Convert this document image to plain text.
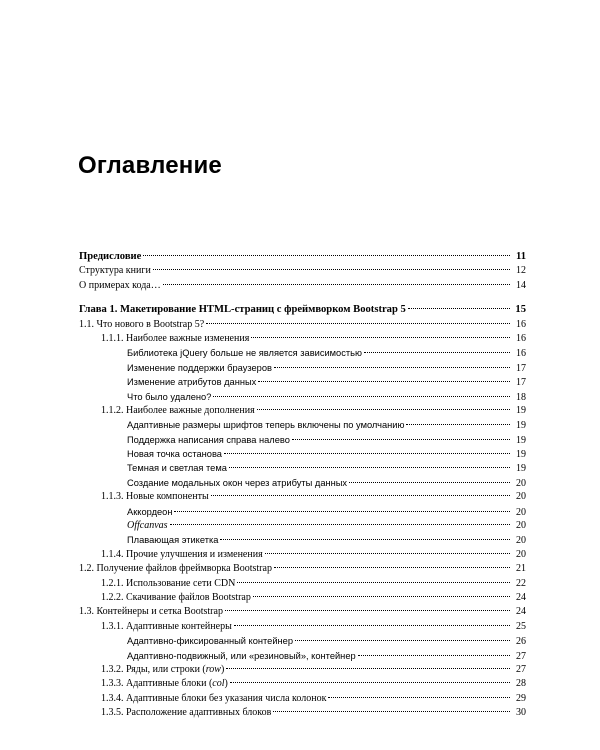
Оглавление
Предисловие	11
Структура книги	12
О примерах кода…	14
Глава 1. Макетирование HTML-страниц с фреймворком Bootstrap 5	15
1.1. Что нового в Bootstrap 5?	16
1.1.1. Наиболее важные изменения	16
Библиотека jQuery больше не является зависимостью	16
Изменение поддержки браузеров	17
Изменение атрибутов данных	17
Что было удалено?	18
1.1.2. Наиболее важные дополнения	19
Адаптивные размеры шрифтов теперь включены по умолчанию	19
Поддержка написания справа налево	19
Новая точка останова	19
Темная и светлая тема	19
Создание модальных окон через атрибуты данных	20
1.1.3. Новые компоненты	20
Аккордеон	20
Offcanvas	20
Плавающая этикетка	20
1.1.4. Прочие улучшения и изменения	20
1.2. Получение файлов фреймворка Bootstrap	21
1.2.1. Использование сети CDN	22
1.2.2. Скачивание файлов Bootstrap	24
1.3. Контейнеры и сетка Bootstrap	24
1.3.1. Адаптивные контейнеры	25
Адаптивно-фиксированный контейнер	26
Адаптивно-подвижный, или «резиновый», контейнер	27
1.3.2. Ряды, или строки (row)	27
1.3.3. Адаптивные блоки (col)	28
1.3.4. Адаптивные блоки без указания числа колонок	29
1.3.5. Расположение адаптивных блоков	30
